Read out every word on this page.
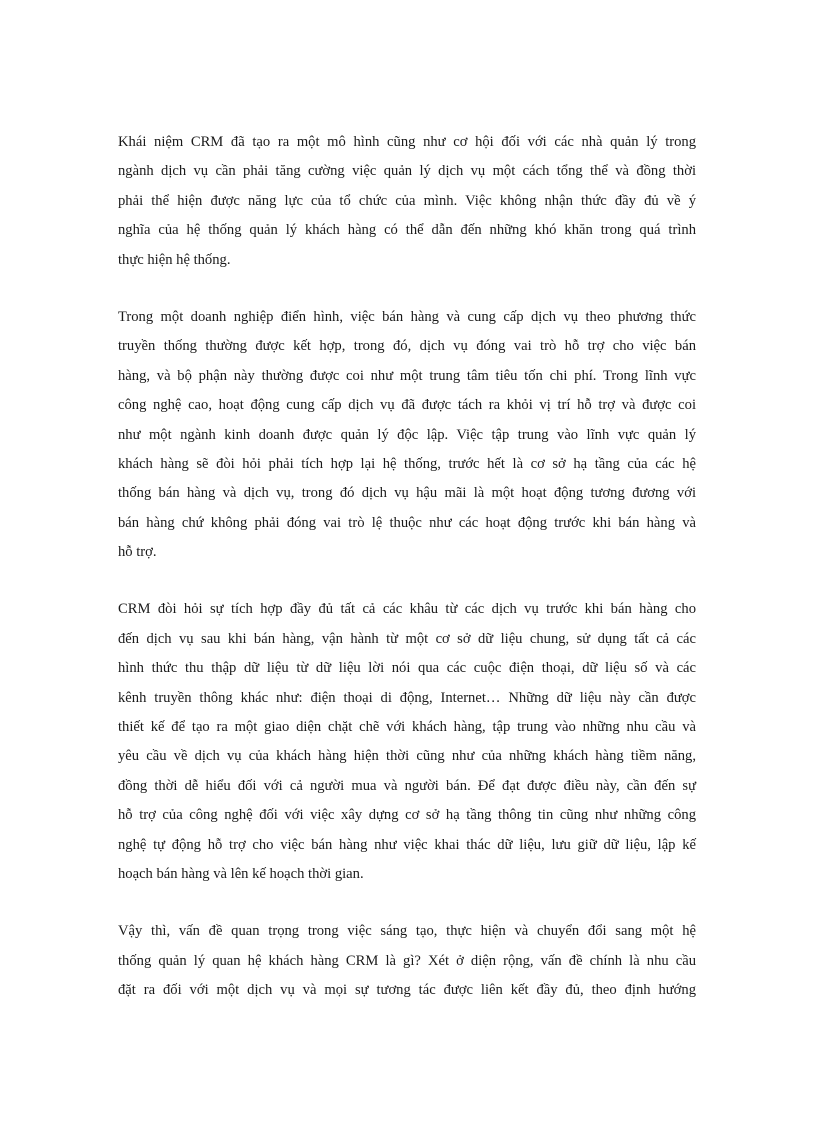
Khái niệm CRM đã tạo ra một mô hình cũng như cơ hội đối với các nhà quản lý trong
ngành dịch vụ cần phải tăng cường việc quản lý dịch vụ một cách tổng thể và đồng thời
phải thể hiện được năng lực của tổ chức của mình. Việc không nhận thức đầy đủ về ý
nghĩa của hệ thống quản lý khách hàng có thể dẫn đến những khó khăn trong quá trình
thực hiện hệ thống.
Trong một doanh nghiệp điển hình, việc bán hàng và cung cấp dịch vụ theo phương thức
truyền thống thường được kết hợp, trong đó, dịch vụ đóng vai trò hỗ trợ cho việc bán
hàng, và bộ phận này thường được coi như một trung tâm tiêu tốn chi phí. Trong lĩnh vực
công nghệ cao, hoạt động cung cấp dịch vụ đã được tách ra khỏi vị trí hỗ trợ và được coi
như một ngành kinh doanh được quản lý độc lập. Việc tập trung vào lĩnh vực quản lý
khách hàng sẽ đòi hỏi phải tích hợp lại hệ thống, trước hết là cơ sở hạ tầng của các hệ
thống bán hàng và dịch vụ, trong đó dịch vụ hậu mãi là một hoạt động tương đương với
bán hàng chứ không phải đóng vai trò lệ thuộc như các hoạt động trước khi bán hàng và
hỗ trợ.
CRM đòi hỏi sự tích hợp đầy đủ tất cả các khâu từ các dịch vụ trước khi bán hàng cho
đến dịch vụ sau khi bán hàng, vận hành từ một cơ sở dữ liệu chung, sử dụng tất cả các
hình thức thu thập dữ liệu từ dữ liệu lời nói qua các cuộc điện thoại, dữ liệu số và các
kênh truyền thông khác như: điện thoại di động, Internet… Những dữ liệu này cần được
thiết kế để tạo ra một giao diện chặt chẽ với khách hàng, tập trung vào những nhu cầu và
yêu cầu về dịch vụ của khách hàng hiện thời cũng như của những khách hàng tiềm năng,
đồng thời dễ hiểu đối với cả người mua và người bán. Để đạt được điều này, cần đến sự
hỗ trợ của công nghệ đối với việc xây dựng cơ sở hạ tầng thông tin cũng như những công
nghệ tự động hỗ trợ cho việc bán hàng như việc khai thác dữ liệu, lưu giữ dữ liệu, lập kế
hoạch bán hàng và lên kế hoạch thời gian.
Vậy thì, vấn đề quan trọng trong việc sáng tạo, thực hiện và chuyển đổi sang một hệ
thống quản lý quan hệ khách hàng CRM là gì? Xét ở diện rộng, vấn đề chính là nhu cầu
đặt ra đối với một dịch vụ và mọi sự tương tác được liên kết đầy đủ, theo định hướng
